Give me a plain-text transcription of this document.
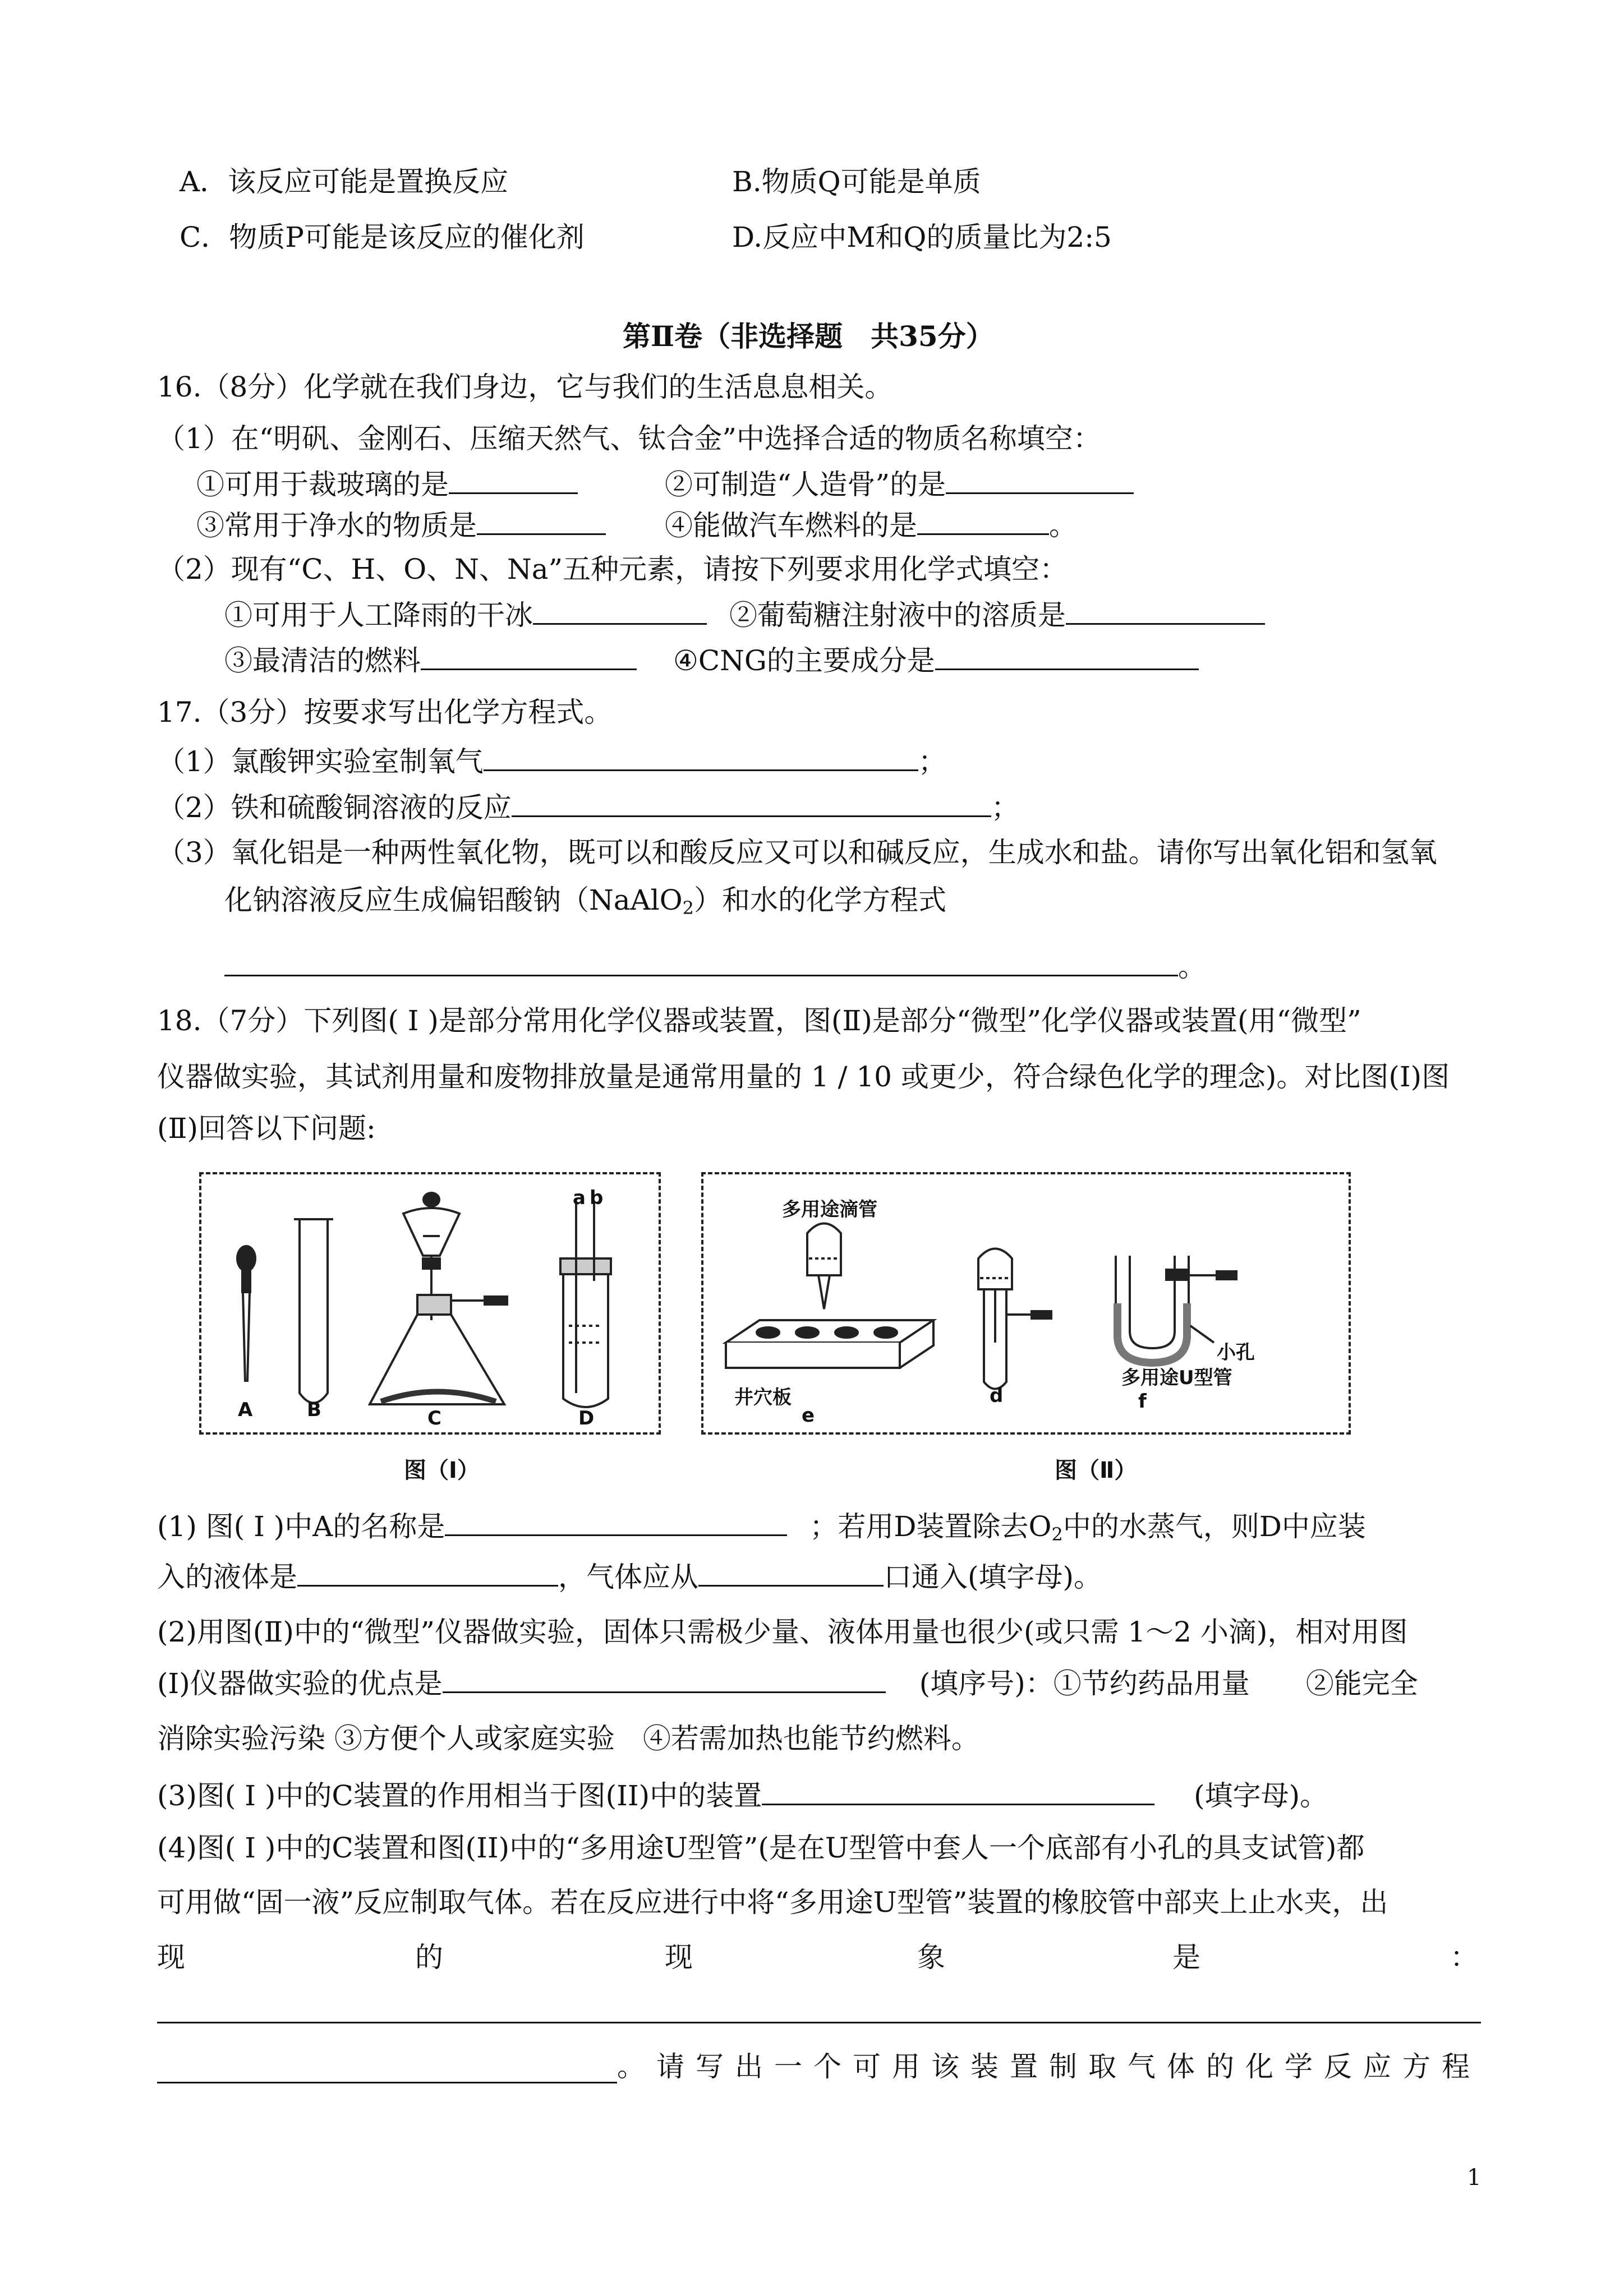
A．该反应可能是置换反应	B.物质Q可能是单质
C．物质P可能是该反应的催化剂	D.反应中M和Q的质量比为2:5
第Ⅱ卷（非选择题　共35分）
16.（8分）化学就在我们身边，它与我们的生活息息相关。
（1）在“明矾、金刚石、压缩天然气、钛合金”中选择合适的物质名称填空：
①可用于裁玻璃的是	②可制造“人造骨”的是
③常用于净水的物质是	④能做汽车燃料的是	。
（2）现有“C、H、O、N、Na”五种元素，请按下列要求用化学式填空：
①可用于人工降雨的干冰	②葡萄糖注射液中的溶质是
③最清洁的燃料	④CNG的主要成分是
17.（3分）按要求写出化学方程式。
（1）氯酸钾实验室制氧气	；
（2）铁和硫酸铜溶液的反应	；
（3）氧化铝是一种两性氧化物，既可以和酸反应又可以和碱反应，生成水和盐。请你写出氧化铝和氢氧
化钠溶液反应生成偏铝酸钠（NaAlO$_2$）和水的化学方程式
。
18.（7分）下列图( Ⅰ )是部分常用化学仪器或装置，图(Ⅱ)是部分“微型”化学仪器或装置(用“微型”
仪器做实验，其试剂用量和废物排放量是通常用量的 1 / 10 或更少，符合绿色化学的理念)。对比图(Ⅰ)图
(Ⅱ)回答以下问题:
a b
A	B	C	D
图（Ⅰ）
多用途滴管
井穴板
e
d
小孔
多用途U型管
f
图（Ⅱ）
(1) 图( Ⅰ )中A的名称是	；若用D装置除去$O_2$中的水蒸气，则D中应装
入的液体是	，气体应从	口通入(填字母)。
(2)用图(Ⅱ)中的“微型”仪器做实验，固体只需极少量、液体用量也很少(或只需 1～2 小滴)，相对用图
(Ⅰ)仪器做实验的优点是	(填序号)：①节约药品用量　　②能完全
消除实验污染 ③方便个人或家庭实验　④若需加热也能节约燃料。
(3)图( Ⅰ )中的C装置的作用相当于图(II)中的装置	(填字母)。
(4)图( Ⅰ )中的C装置和图(II)中的“多用途U型管”(是在U型管中套人一个底部有小孔的具支试管)都
可用做“固一液”反应制取气体。若在反应进行中将“多用途U型管”装置的橡胶管中部夹上止水夹，出
现	的	现	象	是	：
。 请 写 出 一 个 可 用 该 装 置 制 取 气 体 的 化 学 反 应 方 程
1
